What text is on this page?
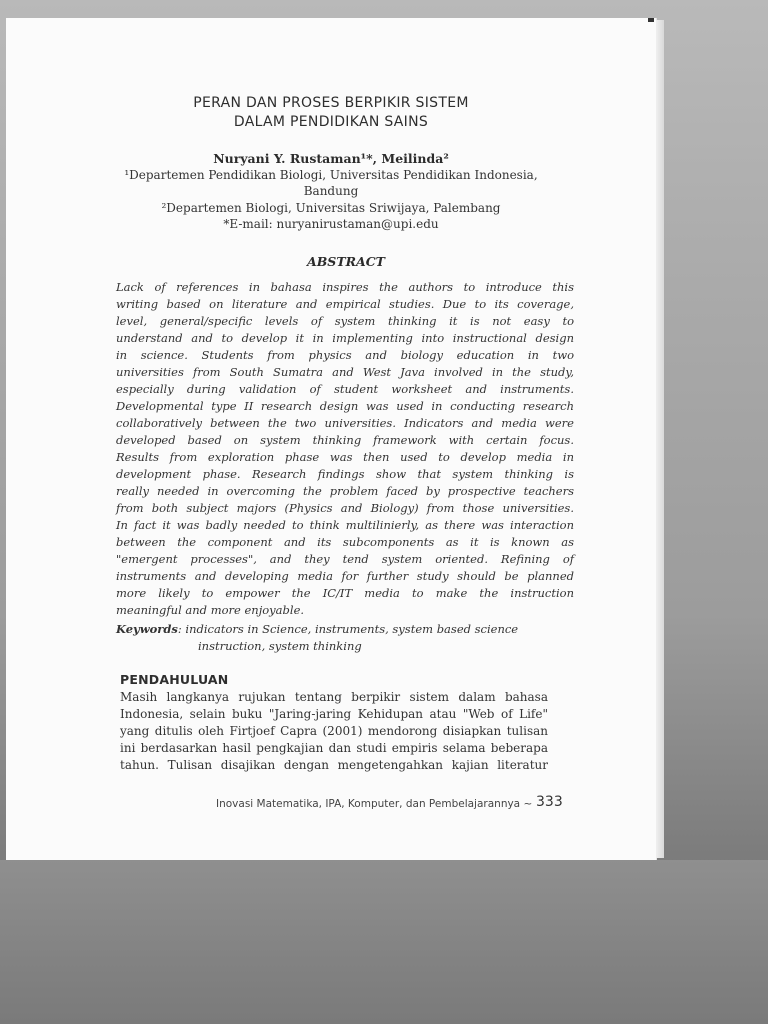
PERAN DAN PROSES BERPIKIR SISTEM
DALAM PENDIDIKAN SAINS
Nuryani Y. Rustaman¹*, Meilinda²
¹Departemen Pendidikan Biologi, Universitas Pendidikan Indonesia,
Bandung
²Departemen Biologi, Universitas Sriwijaya, Palembang
*E-mail: nuryanirustaman@upi.edu
ABSTRACT
Lack of references in bahasa inspires the authors to introduce this
writing based on literature and empirical studies. Due to its coverage,
level, general/specific levels of system thinking it is not easy to
understand and to develop it in implementing into instructional design
in science. Students from physics and biology education in two
universities from South Sumatra and West Java involved in the study,
especially during validation of student worksheet and instruments.
Developmental type II research design was used in conducting research
collaboratively between the two universities. Indicators and media were
developed based on system thinking framework with certain focus.
Results from exploration phase was then used to develop media in
development phase. Research findings show that system thinking is
really needed in overcoming the problem faced by prospective teachers
from both subject majors (Physics and Biology) from those universities.
In fact it was badly needed to think multilinierly, as there was interaction
between the component and its subcomponents as it is known as
"emergent processes", and they tend system oriented. Refining of
instruments and developing media for further study should be planned
more likely to empower the IC/IT media to make the instruction
meaningful and more enjoyable.
Keywords: indicators in Science, instruments, system based science
instruction, system thinking
PENDAHULUAN
Masih langkanya rujukan tentang berpikir sistem dalam bahasa
Indonesia, selain buku "Jaring-jaring Kehidupan atau "Web of Life"
yang ditulis oleh Firtjoef Capra (2001) mendorong disiapkan tulisan
ini berdasarkan hasil pengkajian dan studi empiris selama beberapa
tahun. Tulisan disajikan dengan mengetengahkan kajian literatur
Inovasi Matematika, IPA, Komputer, dan Pembelajarannya ~ 333
